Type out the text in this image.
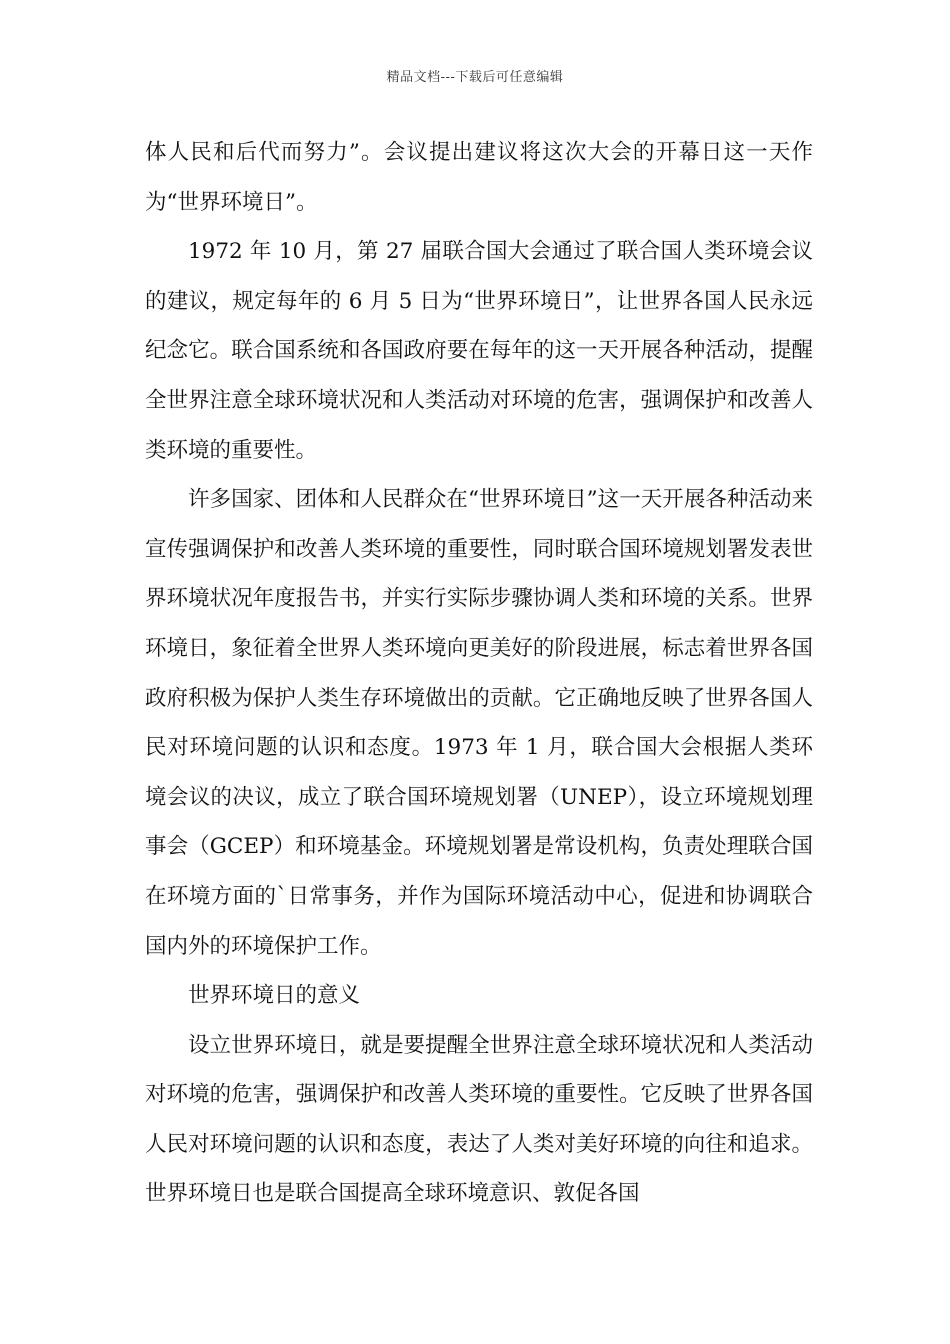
精品文档---下载后可任意编辑

体人民和后代而努力”。会议提出建议将这次大会的开幕日这一天作为“世界环境日”。

1972 年 10 月，第 27 届联合国大会通过了联合国人类环境会议的建议，规定每年的 6 月 5 日为“世界环境日”，让世界各国人民永远纪念它。联合国系统和各国政府要在每年的这一天开展各种活动，提醒全世界注意全球环境状况和人类活动对环境的危害，强调保护和改善人类环境的重要性。

许多国家、团体和人民群众在“世界环境日”这一天开展各种活动来宣传强调保护和改善人类环境的重要性，同时联合国环境规划署发表世界环境状况年度报告书，并实行实际步骤协调人类和环境的关系。世界环境日，象征着全世界人类环境向更美好的阶段进展，标志着世界各国政府积极为保护人类生存环境做出的贡献。它正确地反映了世界各国人民对环境问题的认识和态度。1973 年 1 月，联合国大会根据人类环境会议的决议，成立了联合国环境规划署（UNEP），设立环境规划理事会（GCEP）和环境基金。环境规划署是常设机构，负责处理联合国在环境方面的`日常事务，并作为国际环境活动中心，促进和协调联合国内外的环境保护工作。

世界环境日的意义

设立世界环境日，就是要提醒全世界注意全球环境状况和人类活动对环境的危害，强调保护和改善人类环境的重要性。它反映了世界各国人民对环境问题的认识和态度，表达了人类对美好环境的向往和追求。世界环境日也是联合国提高全球环境意识、敦促各国
